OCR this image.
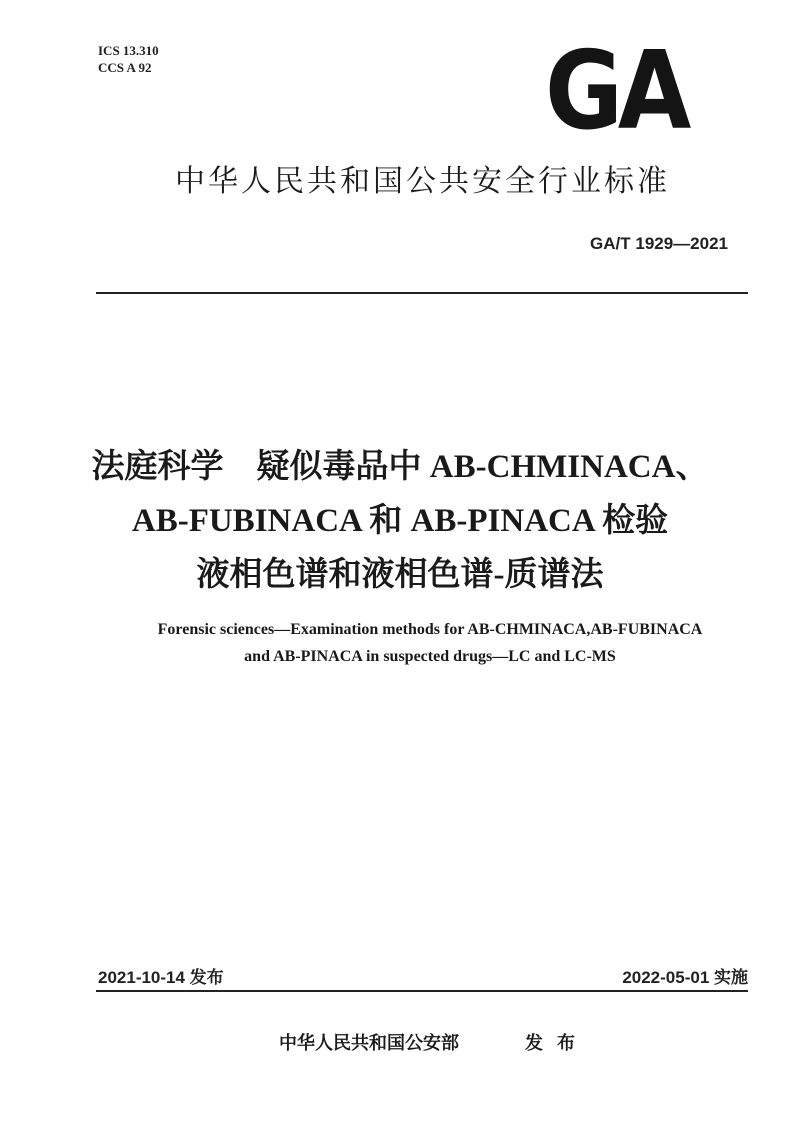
ICS 13.310
CCS A 92	GA
中华人民共和国公共安全行业标准
GA/T 1929—2021
法庭科学　疑似毒品中 AB-CHMINACA、
AB-FUBINACA 和 AB-PINACA 检验
液相色谱和液相色谱-质谱法
Forensic sciences—Examination methods for AB-CHMINACA,AB-FUBINACA
and AB-PINACA in suspected drugs—LC and LC-MS
2021-10-14 发布	2022-05-01 实施
中华人民共和国公安部	发布
